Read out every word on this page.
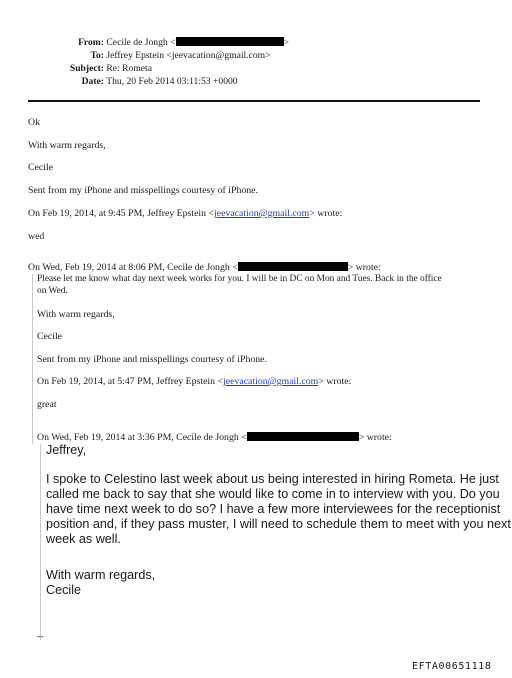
From: Cecile de Jongh <	>
To: Jeffrey Epstein <jeevacation@gmail.com>
Subject: Re: Rometa
Date: Thu, 20 Feb 2014 03:11:53 +0000
Ok
With warm regards,
Cecile
Sent from my iPhone and misspellings courtesy of iPhone.
On Feb 19, 2014, at 9:45 PM, Jeffrey Epstein <jeevacation@gmail.com> wrote:
wed
On Wed, Feb 19, 2014 at 8:06 PM, Cecile de Jongh <	> wrote:
Please let me know what day next week works for you. I will be in DC on Mon and Tues. Back in the office
on Wed.
With warm regards,
Cecile
Sent from my iPhone and misspellings courtesy of iPhone.
On Feb 19, 2014, at 5:47 PM, Jeffrey Epstein <jeevacation@gmail.com> wrote:
great
On Wed, Feb 19, 2014 at 3:36 PM, Cecile de Jongh <	> wrote:
Jeffrey,
I spoke to Celestino last week about us being interested in hiring Rometa. He just
called me back to say that she would like to come in to interview with you. Do you
have time next week to do so? I have a few more interviewees for the receptionist
position and, if they pass muster, I will need to schedule them to meet with you next
week as well.
With warm regards,
Cecile
--
EFTA00651118
